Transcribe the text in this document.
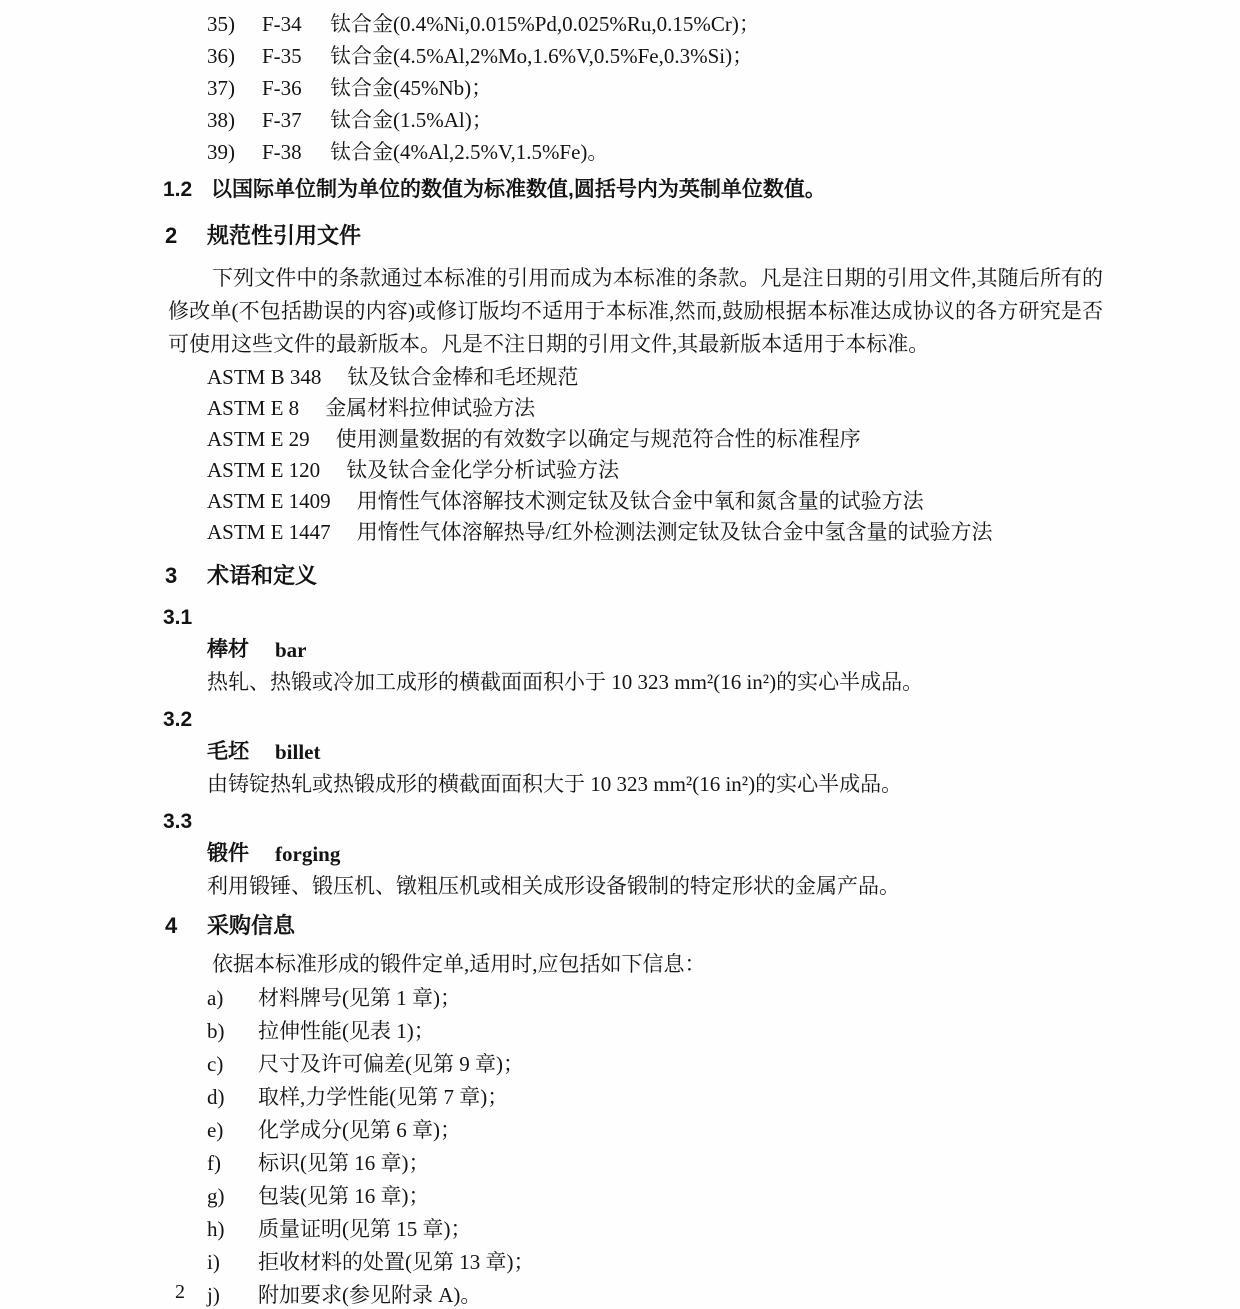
35)	F-34	钛合金(0.4%Ni,0.015%Pd,0.025%Ru,0.15%Cr)；
36)	F-35	钛合金(4.5%Al,2%Mo,1.6%V,0.5%Fe,0.3%Si)；
37)	F-36	钛合金(45%Nb)；
38)	F-37	钛合金(1.5%Al)；
39)	F-38	钛合金(4%Al,2.5%V,1.5%Fe)。
1.2 以国际单位制为单位的数值为标准数值,圆括号内为英制单位数值。
2	规范性引用文件
下列文件中的条款通过本标准的引用而成为本标准的条款。凡是注日期的引用文件,其随后所有的修改单(不包括勘误的内容)或修订版均不适用于本标准,然而,鼓励根据本标准达成协议的各方研究是否可使用这些文件的最新版本。凡是不注日期的引用文件,其最新版本适用于本标准。
ASTM B 348 钛及钛合金棒和毛坯规范
ASTM E 8 金属材料拉伸试验方法
ASTM E 29 使用测量数据的有效数字以确定与规范符合性的标准程序
ASTM E 120 钛及钛合金化学分析试验方法
ASTM E 1409 用惰性气体溶解技术测定钛及钛合金中氧和氮含量的试验方法
ASTM E 1447 用惰性气体溶解热导/红外检测法测定钛及钛合金中氢含量的试验方法
3	术语和定义
3.1
棒材 bar
热轧、热锻或冷加工成形的横截面面积小于 10 323 mm²(16 in²)的实心半成品。
3.2
毛坯 billet
由铸锭热轧或热锻成形的横截面面积大于 10 323 mm²(16 in²)的实心半成品。
3.3
锻件 forging
利用锻锤、锻压机、镦粗压机或相关成形设备锻制的特定形状的金属产品。
4	采购信息
依据本标准形成的锻件定单,适用时,应包括如下信息：
a)	材料牌号(见第 1 章)；
b)	拉伸性能(见表 1)；
c)	尺寸及许可偏差(见第 9 章)；
d)	取样,力学性能(见第 7 章)；
e)	化学成分(见第 6 章)；
f)	标识(见第 16 章)；
g)	包装(见第 16 章)；
h)	质量证明(见第 15 章)；
i)	拒收材料的处置(见第 13 章)；
j)	附加要求(参见附录 A)。
2
